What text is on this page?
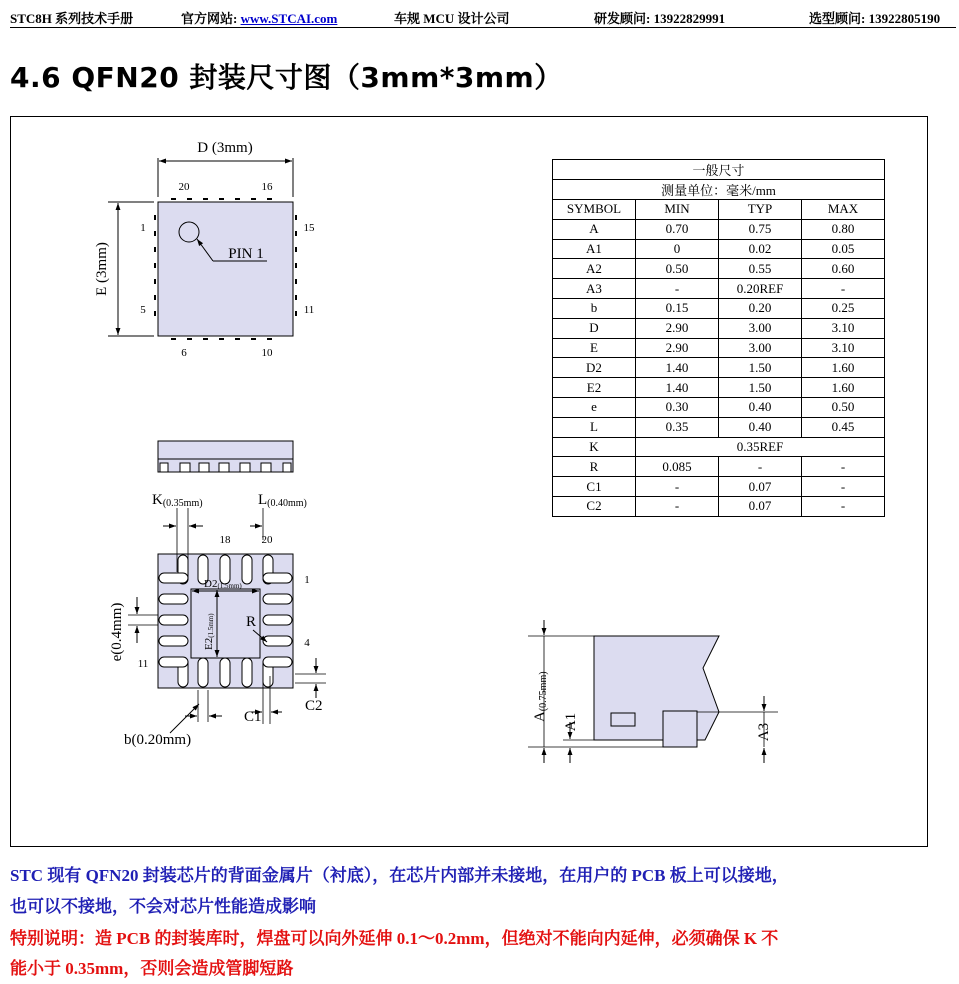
STC8H 系列技术手册	官方网站: www.STCAI.com	车规 MCU 设计公司	研发顾问: 13922829991	选型顾问: 13922805190
4.6 QFN20 封装尺寸图（3mm*3mm）
D (3mm)
E (3mm)	PIN 1
20	16
1
5
15
11
6	10
K(0.35mm)	L(0.40mm)
18	20
1
4
11
D2(1.5mm)
E2(1.5mm) R
e(0.4mm)
b(0.20mm)
C1
C2
A(0.75mm)
A1
A3
一般尺寸			
测量单位：毫米/mm			
SYMBOL	MIN	TYP	MAX
A	0.70	0.75	0.80
A1	0	0.02	0.05
A2	0.50	0.55	0.60
A3	-	0.20REF	-
b	0.15	0.20	0.25
D	2.90	3.00	3.10
E	2.90	3.00	3.10
D2	1.40	1.50	1.60
E2	1.40	1.50	1.60
e	0.30	0.40	0.50
L	0.35	0.40	0.45
K	0.35REF		
R	0.085	-	-
C1	-	0.07	-
C2	-	0.07	-
STC 现有 QFN20 封装芯片的背面金属片（衬底），在芯片内部并未接地，在用户的 PCB 板上可以接地，
也可以不接地，不会对芯片性能造成影响
特别说明：造 PCB 的封装库时，焊盘可以向外延伸 0.1～0.2mm，但绝对不能向内延伸，必须确保 K 不
能小于 0.35mm，否则会造成管脚短路
